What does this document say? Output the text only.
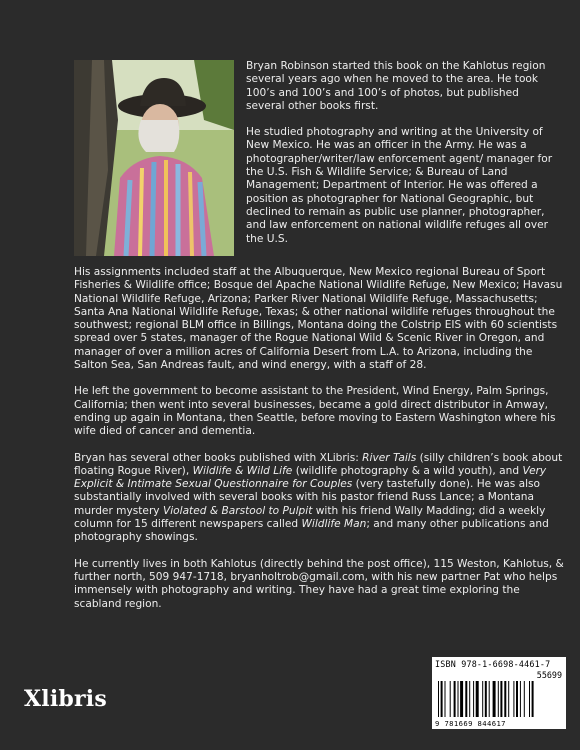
Bryan Robinson started this book on the Kahlotus region several years ago when he moved to the area. He took 100’s and 100’s and 100’s of photos, but published several other books first.

He studied photography and writing at the University of New Mexico. He was an officer in the Army. He was a photographer/writer/law enforcement agent/ manager for the U.S. Fish & Wildlife Service; & Bureau of Land Management; Department of Interior. He was offered a position as photographer for National Geographic, but declined to remain as public use planner, photographer, and law enforcement on national wildlife refuges all over the U.S.

His assignments included staff at the Albuquerque, New Mexico regional Bureau of Sport Fisheries & Wildlife office; Bosque del Apache National Wildlife Refuge, New Mexico; Havasu National Wildlife Refuge, Arizona; Parker River National Wildlife Refuge, Massachusetts; Santa Ana National Wildlife Refuge, Texas; & other national wildlife refuges throughout the southwest; regional BLM office in Billings, Montana doing the Colstrip EIS with 60 scientists spread over 5 states, manager of the Rogue National Wild & Scenic River in Oregon, and manager of over a million acres of California Desert from L.A. to Arizona, including the Salton Sea, San Andreas fault, and wind energy, with a staff of 28.

He left the government to become assistant to the President, Wind Energy, Palm Springs, California; then went into several businesses, became a gold direct distributor in Amway, ending up again in Montana, then Seattle, before moving to Eastern Washington where his wife died of cancer and dementia.

Bryan has several other books published with XLibris: River Tails (silly children’s book about floating Rogue River), Wildlife & Wild Life (wildlife photography & a wild youth), and Very Explicit & Intimate Sexual Questionnaire for Couples (very tastefully done). He was also substantially involved with several books with his pastor friend Russ Lance; a Montana murder mystery Violated & Barstool to Pulpit with his friend Wally Madding; did a weekly column for 15 different newspapers called Wildlife Man; and many other publications and photography showings.

He currently lives in both Kahlotus (directly behind the post office), 115 Weston, Kahlotus, & further north, 509 947-1718, bryanholtrob@gmail.com, with his new partner Pat who helps immensely with photography and writing. They have had a great time exploring the scabland region.

ISBN 978-1-6698-4461-7
55699
9 781669 844617
Xlibris
